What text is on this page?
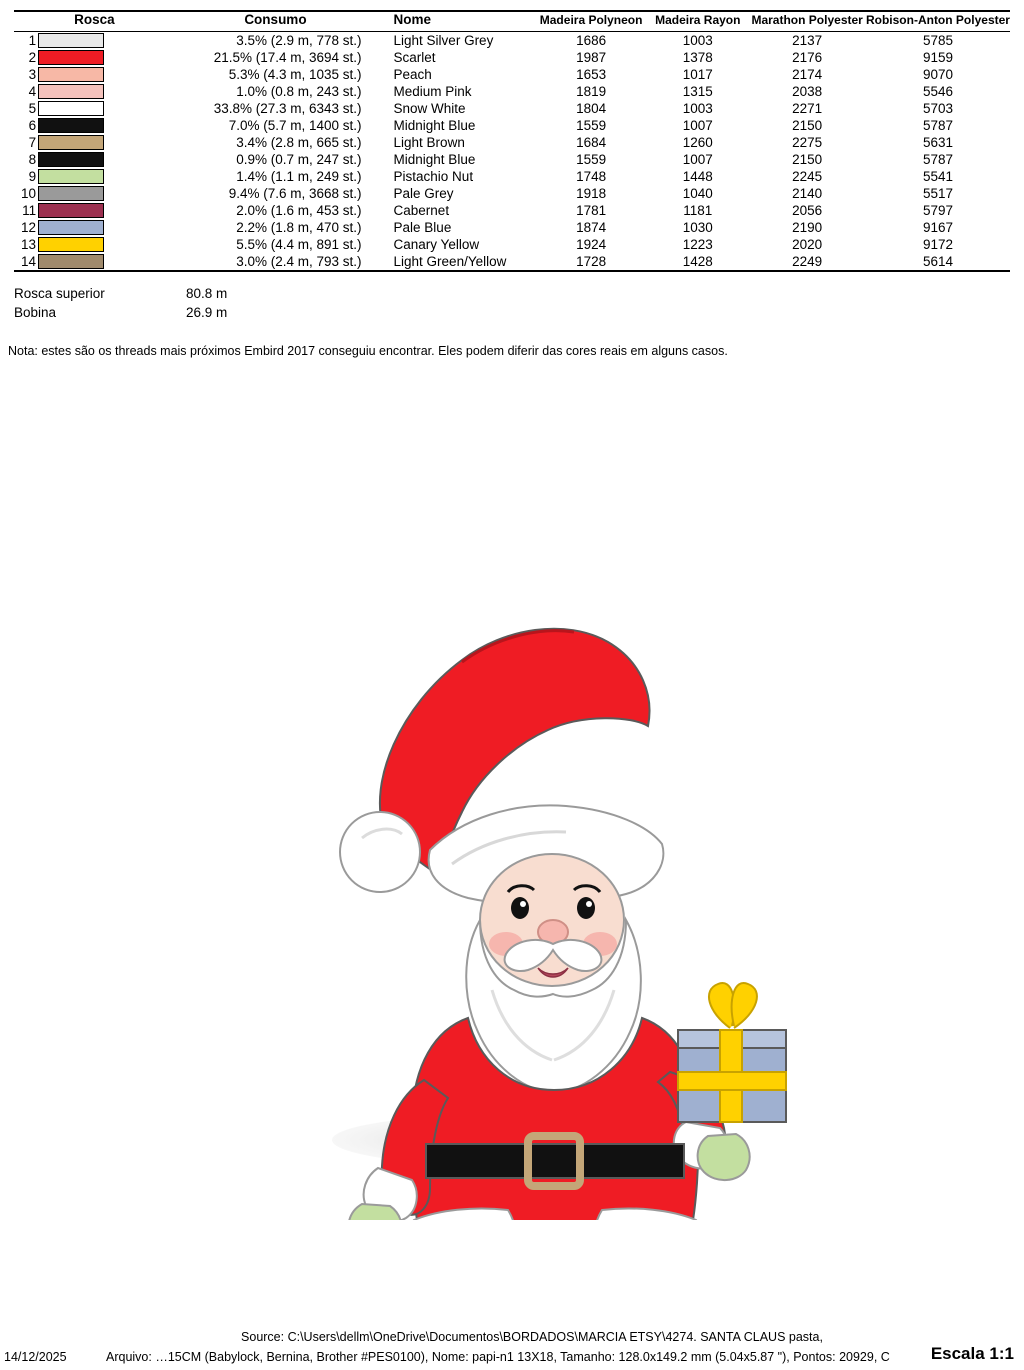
	Rosca	Consumo	Nome	Madeira Polyneon	Madeira Rayon	Marathon Polyester	Robison-Anton Polyester
1		3.5% (2.9 m, 778 st.)	Light Silver Grey	1686	1003	2137	5785
2		21.5% (17.4 m, 3694 st.)	Scarlet	1987	1378	2176	9159
3		5.3% (4.3 m, 1035 st.)	Peach	1653	1017	2174	9070
4		1.0% (0.8 m, 243 st.)	Medium Pink	1819	1315	2038	5546
5		33.8% (27.3 m, 6343 st.)	Snow White	1804	1003	2271	5703
6		7.0% (5.7 m, 1400 st.)	Midnight Blue	1559	1007	2150	5787
7		3.4% (2.8 m, 665 st.)	Light Brown	1684	1260	2275	5631
8		0.9% (0.7 m, 247 st.)	Midnight Blue	1559	1007	2150	5787
9		1.4% (1.1 m, 249 st.)	Pistachio Nut	1748	1448	2245	5541
10		9.4% (7.6 m, 3668 st.)	Pale Grey	1918	1040	2140	5517
11		2.0% (1.6 m, 453 st.)	Cabernet	1781	1181	2056	5797
12		2.2% (1.8 m, 470 st.)	Pale Blue	1874	1030	2190	9167
13		5.5% (4.4 m, 891 st.)	Canary Yellow	1924	1223	2020	9172
14		3.0% (2.4 m, 793 st.)	Light Green/Yellow	1728	1428	2249	5614
Rosca superior	80.8 m
Bobina	26.9 m
Nota: estes são os threads mais próximos Embird 2017 conseguiu encontrar. Eles podem diferir das cores reais em alguns casos.
Source: C:\Users\dellm\OneDrive\Documentos\BORDADOS\MARCIA ETSY\4274. SANTA CLAUS pasta,
14/12/2025	Arquivo: …15CM (Babylock, Bernina, Brother #PES0100), Nome: papi-n1 13X18, Tamanho: 128.0x149.2 mm (5.04x5.87 "), Pontos: 20929, C	Escala 1:1
